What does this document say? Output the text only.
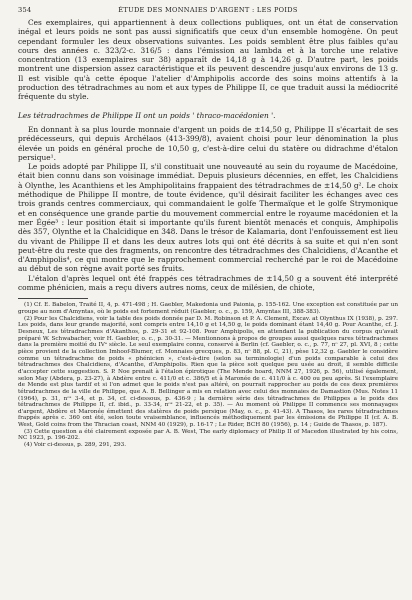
354	ÉTUDE DES MONNAIES D'ARGENT : LES POIDS

Ces exemplaires, qui appartiennent à deux collections publiques, ont un état de conservation inégal et leurs poids ne sont pas aussi significatifs que ceux d'un ensemble homogène. On peut cependant formuler les deux observations suivantes. Les poids semblent être plus faibles qu'au cours des années c. 323/2-c. 316/5 : dans l'émission au lambda et à la torche une relative concentration (13 exemplaires sur 38) apparaît de 14,18 g à 14,26 g. D'autre part, les poids montrent une dispersion assez caractéristique et ils peuvent descendre jusqu'aux environs de 13 g. Il est visible qu'à cette époque l'atelier d'Amphipolis accorde des soins moins attentifs à la production des tétradrachmes au nom et aux types de Philippe II, ce que traduit aussi la médiocrité fréquente du style.

Les tétradrachmes de Philippe II ont un poids ' thraco-macédonien '.

En donnant à sa plus lourde monnaie d'argent un poids de ±14,50 g, Philippe II s'écartait de ses prédécesseurs, qui depuis Archélaos (413-399/8), avaient choisi pour leur dénomination la plus élevée un poids en général proche de 10,50 g, c'est-à-dire celui du statère ou didrachme d'étalon persique¹.

Le poids adopté par Philippe II, s'il constituait une nouveauté au sein du royaume de Macédoine, était bien connu dans son voisinage immédiat. Depuis plusieurs décennies, en effet, les Chalcidiens à Olynthe, les Acanthiens et les Amphipolitains frappaient des tétradrachmes de ±14,50 g². Le choix méthodique de Philippe II montre, de toute évidence, qu'il désirait faciliter les échanges avec ces trois grands centres commerciaux, qui commandaient le golfe Thermaïque et le golfe Strymonique et en conséquence une grande partie du mouvement commercial entre le royaume macédonien et la mer Égée³ : leur position était si importante qu'ils furent bientôt menacés et conquis, Amphipolis dès 357, Olynthe et la Chalcidique en 348. Dans le trésor de Kalamaria, dont l'enfouissement est lieu du vivant de Philippe II et dans les deux autres lots qui ont été décrits à sa suite et qui n'en sont peut-être du reste que des fragments, on rencontre des tétradrachmes des Chalcidiens, d'Acanthe et d'Amphipolis⁴, ce qui montre que le rapprochement commercial recherché par le roi de Macédoine au début de son règne avait porté ses fruits.

L'étalon d'après lequel ont été frappés ces tétradrachmes de ±14,50 g a souvent été interprété comme phénicien, mais a reçu divers autres noms, ceux de milésien, de chiote,

(1) Cf. E. Babelon, Traité II, 4, p. 471-498 ; H. Gaebler, Makedonia und Paionia, p. 155-162. Une exception est constituée par un groupe au nom d'Amyntas, où le poids est fortement réduit (Gaebler, o. c., p. 159, Amyntas III, 388-383).

(2) Pour les Chalcidiens, voir la table des poids donnée par D. M. Robinson et P. A. Clement, Excav. at Olynthus IX (1938), p. 297. Les poids, dans leur grande majorité, sont compris entre 14,10 g et 14,50 g, le poids dominant étant 14,40 g. Pour Acanthe, cf. J. Desneux, Les tétradrachmes d'Akanthos, p. 29-31 et 92-108. Pour Amphipolis, en attendant la publication du corpus qu'avait préparé W. Schwabacher, voir H. Gaebler, o. c., p. 30-31. — Mentionnons à propos de groupes aussi quelques rares tétradrachmes dans la première moitié du IVᵉ siècle. Le seul exemplaire connu, conservé à Berlin (cf. Gaebler, o. c., p. 77, nᵒ 27, pl. XVI, 8 ; cette pièce provient de la collection Imhoof-Blumer, cf. Monnaies grecques, p. 83, nᵒ 88, pl. C, 21), pèse 12,32 g. Gaebler le considère comme un tétradrachme de poids « phénicien », c'est-à-dire (selon sa terminologie) d'un poids comparable à celui des tétradrachmes des Chalcidiens, d'Acanthe, d'Amphipolis. Rien que la pièce soit quelque peu usée au droit, il semble difficile d'accepter cette suggestion. S. P. Noe prenait à l'étalon épirotique (The Mende hoard, NNM 27, 1926, p. 56), utilisé également, selon May (Abdera, p. 23-27), à Abdère entre c. 411/0 et c. 386/5 et à Maronée de c. 411/0 à c. 400 ou peu après. Si l'exemplaire de Mende est plus tardif et si l'on admet que le poids n'est pas altéré, on pourrait rapprocher au poids de ces deux premières tétradrachmes de la ville de Philippe, que A. B. Bellinger a mis en relation avec celui des monnaies de Damastion (Mus. Notes 11 (1964), p. 31, nᵒˢ 3-4, et p. 34, cf. ci-dessous, p. 436-9 ; la dernière série des tétradrachmes de Philippes a le poids des tétradrachmes de Philippe II, cf. ibid., p. 33-34, nᵒˢ 21-22, et p. 35). — Au moment où Philippe II commence ses monnayages d'argent, Abdère et Maronée émettent des statères de poids persique (May, o. c., p. 41-43). A Thasos, les rares tétradrachmes frappés après c. 360 ont été, selon toute vraisemblance, influencés méthodiquement par les émissions de Philippe II (cf. A. B. West, Gold coins from the Thracian coast, NNM 40 (1929), p. 16-17 ; Le Rider, BCH 80 (1956), p. 14 ; Guide de Thasos, p. 187).

(3) Cette question a été clairement exposée par A. B. West, The early diplomacy of Philip II of Macedon illustrated by his coins, NC 1923, p. 196-202.

(4) Voir ci-dessus, p. 289, 291, 293.
